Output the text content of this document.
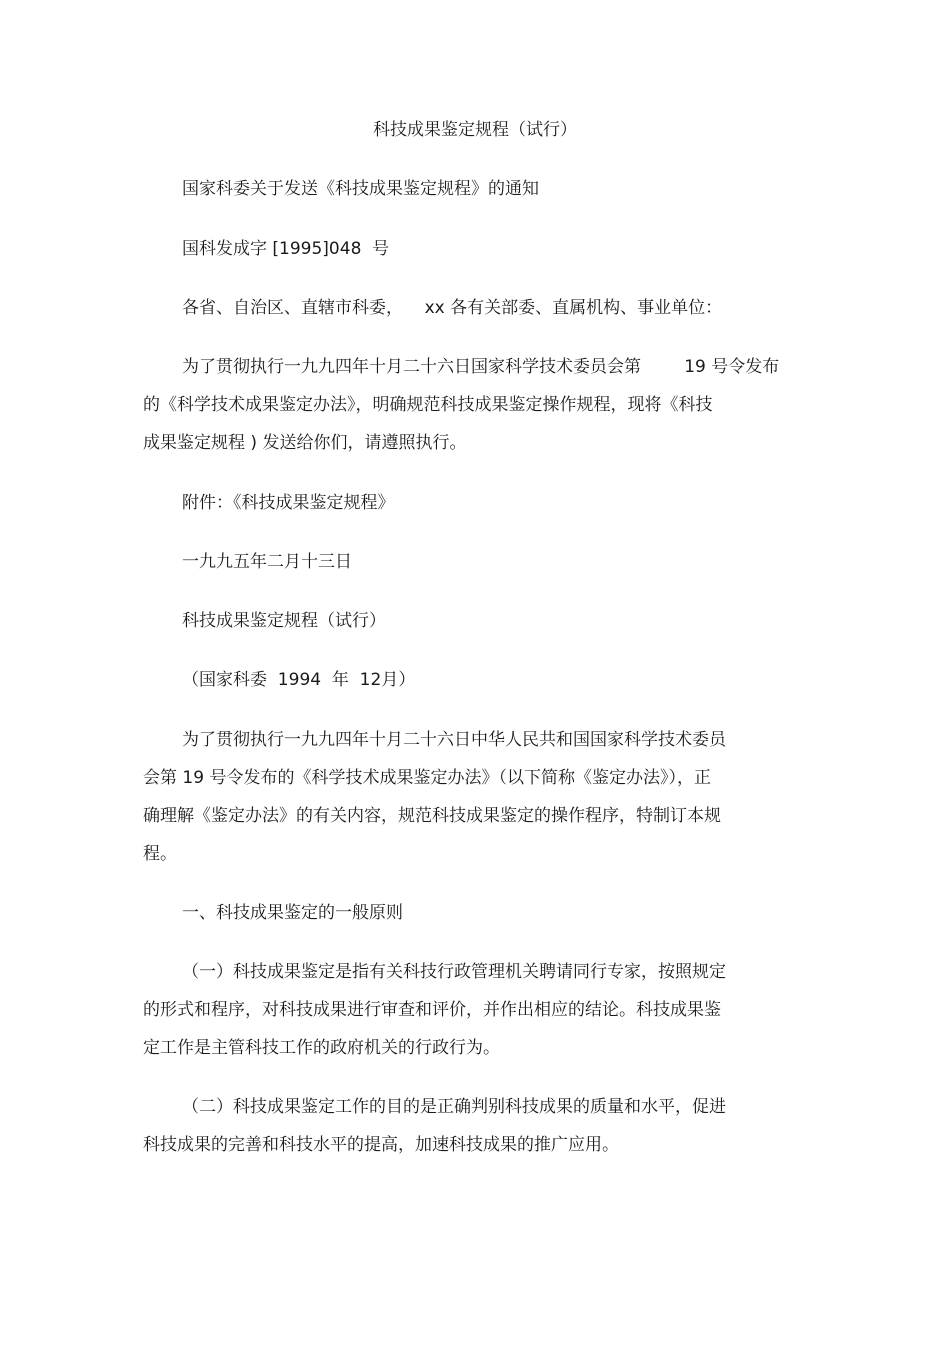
科技成果鉴定规程（试行）

国家科委关于发送《科技成果鉴定规程》的通知

国科发成字 [1995]048  号

各省、自治区、直辖市科委，    xx 各有关部委、直属机构、事业单位：

为了贯彻执行一九九四年十月二十六日国家科学技术委员会第        19 号令发布

的《科学技术成果鉴定办法》，明确规范科技成果鉴定操作规程，现将《科技

成果鉴定规程 ) 发送给你们，请遵照执行。

附件：《科技成果鉴定规程》

一九九五年二月十三日

科技成果鉴定规程（试行）

（国家科委  1994  年  12月）

为了贯彻执行一九九四年十月二十六日中华人民共和国国家科学技术委员

会第 19 号令发布的《科学技术成果鉴定办法》（以下简称《鉴定办法》），正

确理解《鉴定办法》的有关内容，规范科技成果鉴定的操作程序，特制订本规

程。

一、科技成果鉴定的一般原则

（一）科技成果鉴定是指有关科技行政管理机关聘请同行专家，按照规定

的形式和程序，对科技成果进行审查和评价，并作出相应的结论。科技成果鉴

定工作是主管科技工作的政府机关的行政行为。

（二）科技成果鉴定工作的目的是正确判别科技成果的质量和水平，促进

科技成果的完善和科技水平的提高，加速科技成果的推广应用。
